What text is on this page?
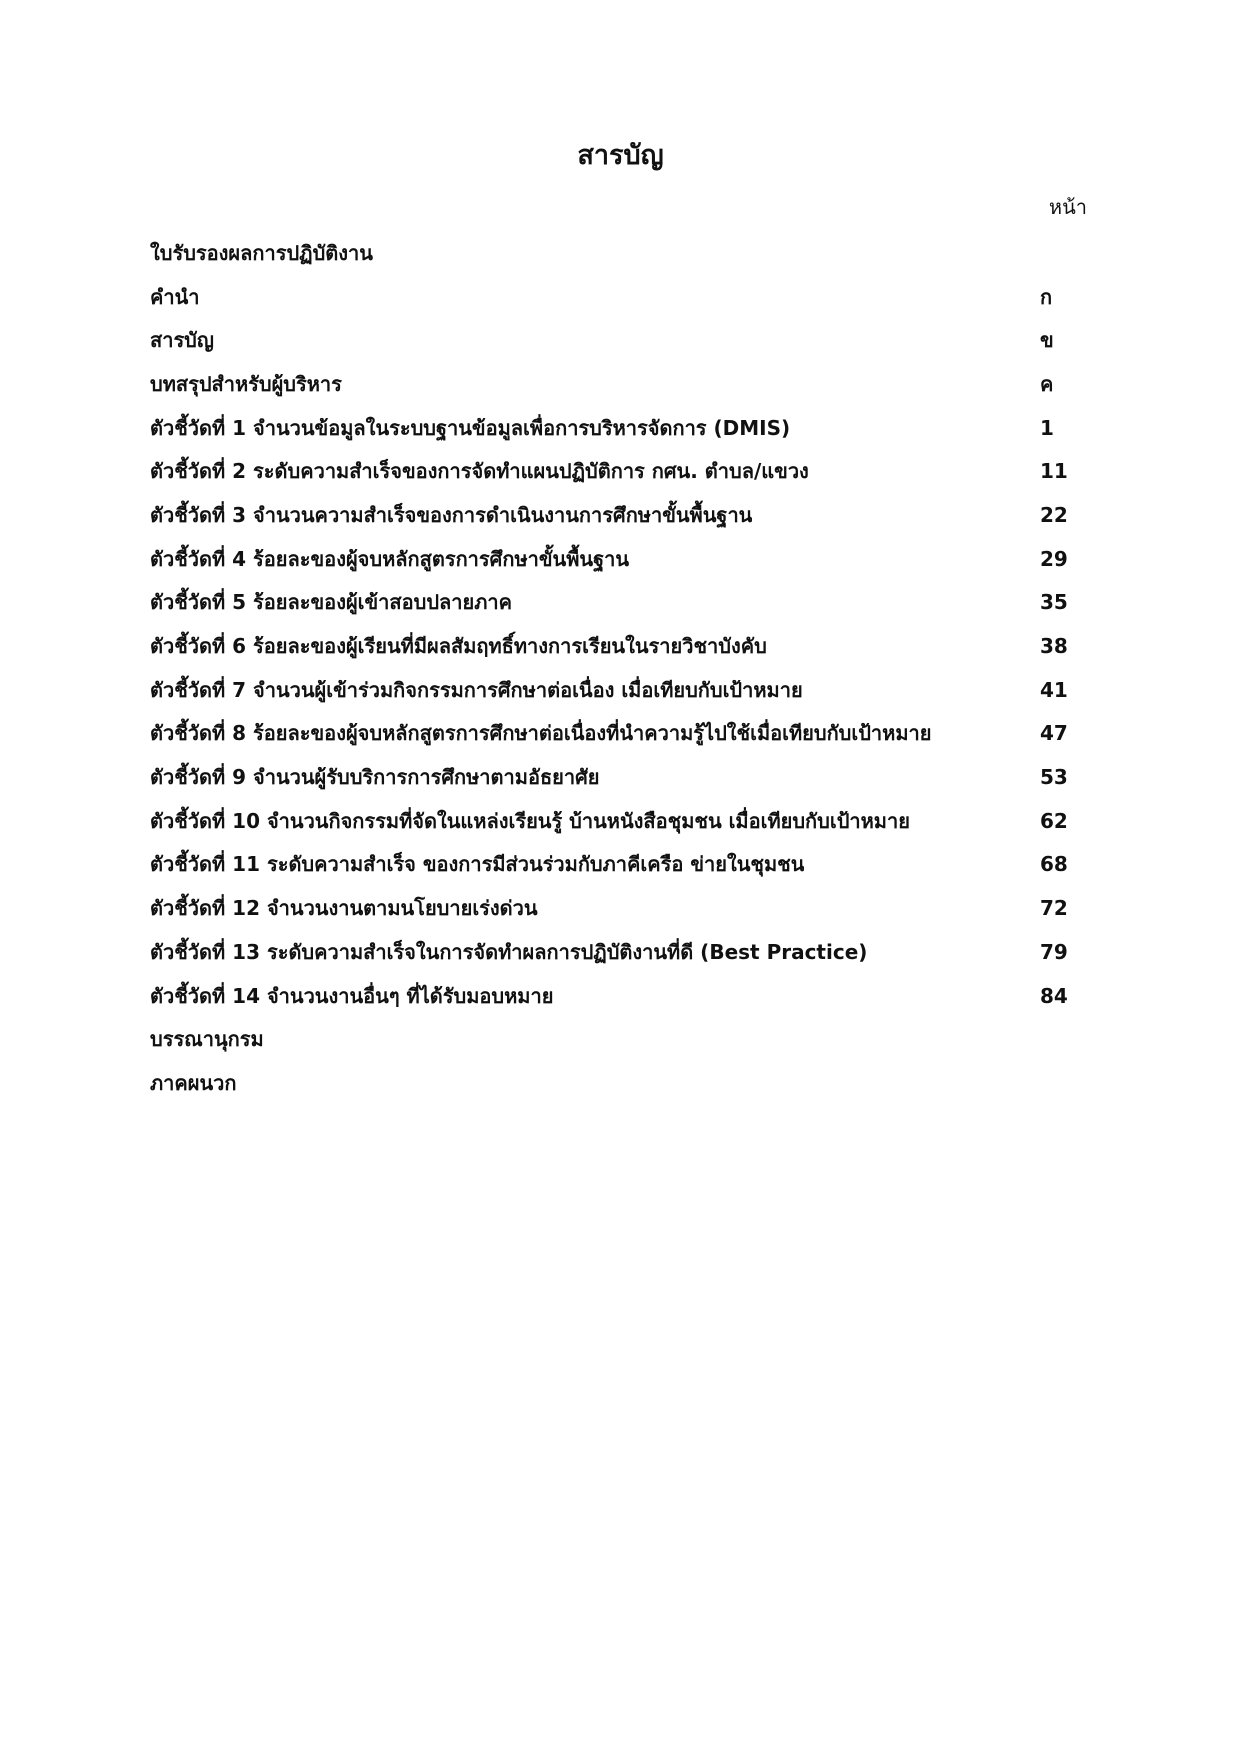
สารบัญ
หน้า
ใบรับรองผลการปฏิบัติงาน
คำนำ	ก
สารบัญ	ข
บทสรุปสำหรับผู้บริหาร	ค
ตัวชี้วัดที่ 1 จำนวนข้อมูลในระบบฐานข้อมูลเพื่อการบริหารจัดการ (DMIS)	1
ตัวชี้วัดที่ 2 ระดับความสำเร็จของการจัดทำแผนปฏิบัติการ กศน. ตำบล/แขวง	11
ตัวชี้วัดที่ 3 จำนวนความสำเร็จของการดำเนินงานการศึกษาขั้นพื้นฐาน	22
ตัวชี้วัดที่ 4 ร้อยละของผู้จบหลักสูตรการศึกษาขั้นพื้นฐาน	29
ตัวชี้วัดที่ 5 ร้อยละของผู้เข้าสอบปลายภาค	35
ตัวชี้วัดที่ 6 ร้อยละของผู้เรียนที่มีผลสัมฤทธิ์ทางการเรียนในรายวิชาบังคับ	38
ตัวชี้วัดที่ 7 จำนวนผู้เข้าร่วมกิจกรรมการศึกษาต่อเนื่อง เมื่อเทียบกับเป้าหมาย	41
ตัวชี้วัดที่ 8 ร้อยละของผู้จบหลักสูตรการศึกษาต่อเนื่องที่นำความรู้ไปใช้เมื่อเทียบกับเป้าหมาย	47
ตัวชี้วัดที่ 9 จำนวนผู้รับบริการการศึกษาตามอัธยาศัย	53
ตัวชี้วัดที่ 10 จำนวนกิจกรรมที่จัดในแหล่งเรียนรู้ บ้านหนังสือชุมชน เมื่อเทียบกับเป้าหมาย	62
ตัวชี้วัดที่ 11 ระดับความสำเร็จ ของการมีส่วนร่วมกับภาคีเครือ ข่ายในชุมชน	68
ตัวชี้วัดที่ 12 จำนวนงานตามนโยบายเร่งด่วน	72
ตัวชี้วัดที่ 13 ระดับความสำเร็จในการจัดทำผลการปฏิบัติงานที่ดี (Best Practice)	79
ตัวชี้วัดที่ 14 จำนวนงานอื่นๆ ที่ได้รับมอบหมาย	84
บรรณานุกรม
ภาคผนวก
